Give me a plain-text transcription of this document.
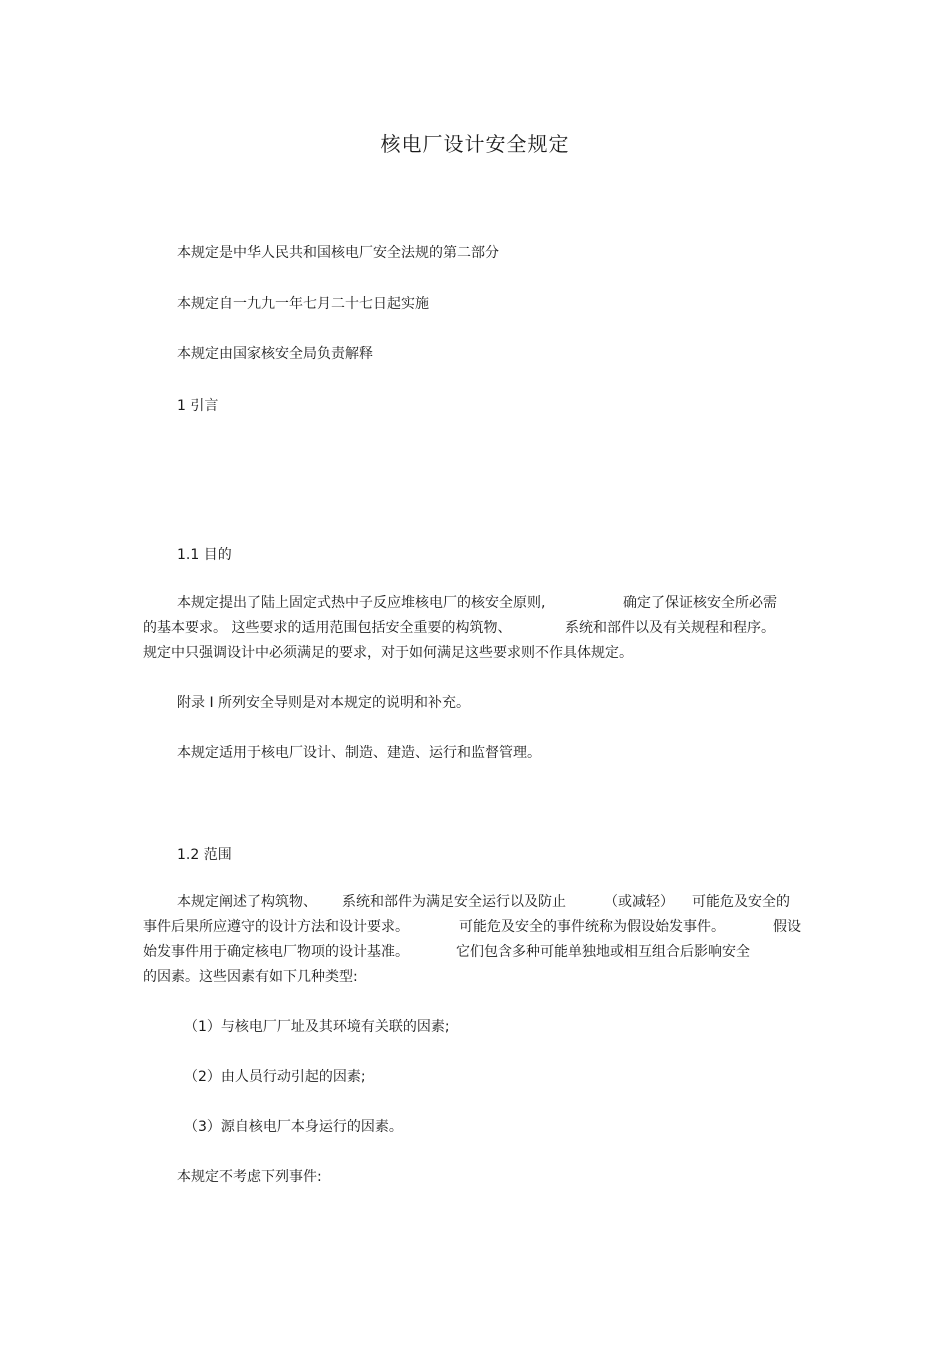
核电厂设计安全规定
本规定是中华人民共和国核电厂安全法规的第二部分
本规定自一九九一年七月二十七日起实施
本规定由国家核安全局负责解释
1 引言
1.1 目的
本规定提出了陆上固定式热中子反应堆核电厂的核安全原则,	确定了保证核安全所必需
的基本要求。 这些要求的适用范围包括安全重要的构筑物、	系统和部件以及有关规程和程序。
规定中只强调设计中必须满足的要求，对于如何满足这些要求则不作具体规定。
附录 Ⅰ 所列安全导则是对本规定的说明和补充。
本规定适用于核电厂设计、制造、建造、运行和监督管理。
1.2 范围
本规定阐述了构筑物、 系统和部件为满足安全运行以及防止	（或减轻） 可能危及安全的
事件后果所应遵守的设计方法和设计要求。	可能危及安全的事件统称为假设始发事件。	假设
始发事件用于确定核电厂物项的设计基准。	它们包含多种可能单独地或相互组合后影响安全
的因素。这些因素有如下几种类型:
（1）与核电厂厂址及其环境有关联的因素;
（2）由人员行动引起的因素;
（3）源自核电厂本身运行的因素。
本规定不考虑下列事件:
